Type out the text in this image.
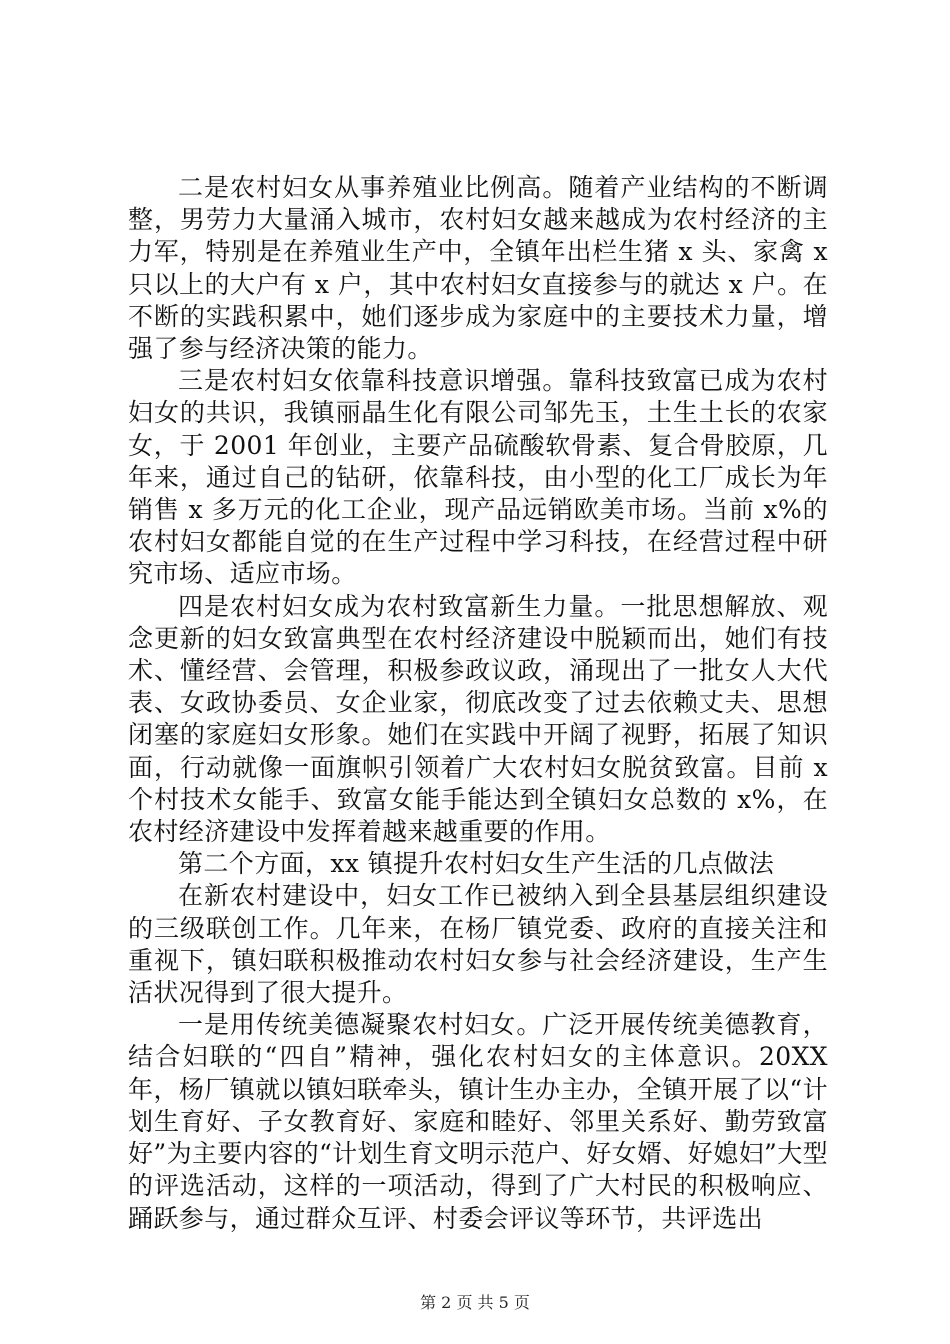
二是农村妇女从事养殖业比例高。随着产业结构的不断调整，男劳力大量涌入城市，农村妇女越来越成为农村经济的主力军，特别是在养殖业生产中，全镇年出栏生猪 x 头、家禽 x 只以上的大户有 x 户，其中农村妇女直接参与的就达 x 户。在不断的实践积累中，她们逐步成为家庭中的主要技术力量，增强了参与经济决策的能力。

三是农村妇女依靠科技意识增强。靠科技致富已成为农村妇女的共识，我镇丽晶生化有限公司邹先玉，土生土长的农家女，于 2001 年创业，主要产品硫酸软骨素、复合骨胶原，几年来，通过自己的钻研，依靠科技，由小型的化工厂成长为年销售 x 多万元的化工企业，现产品远销欧美市场。当前 x%的农村妇女都能自觉的在生产过程中学习科技，在经营过程中研究市场、适应市场。

四是农村妇女成为农村致富新生力量。一批思想解放、观念更新的妇女致富典型在农村经济建设中脱颖而出，她们有技术、懂经营、会管理，积极参政议政，涌现出了一批女人大代表、女政协委员、女企业家，彻底改变了过去依赖丈夫、思想闭塞的家庭妇女形象。她们在实践中开阔了视野，拓展了知识面，行动就像一面旗帜引领着广大农村妇女脱贫致富。目前 x 个村技术女能手、致富女能手能达到全镇妇女总数的 x%，在农村经济建设中发挥着越来越重要的作用。

第二个方面，xx 镇提升农村妇女生产生活的几点做法

在新农村建设中，妇女工作已被纳入到全县基层组织建设的三级联创工作。几年来，在杨厂镇党委、政府的直接关注和重视下，镇妇联积极推动农村妇女参与社会经济建设，生产生活状况得到了很大提升。

一是用传统美德凝聚农村妇女。广泛开展传统美德教育，结合妇联的“四自”精神，强化农村妇女的主体意识。20XX 年，杨厂镇就以镇妇联牵头，镇计生办主办，全镇开展了以“计划生育好、子女教育好、家庭和睦好、邻里关系好、勤劳致富好”为主要内容的“计划生育文明示范户、好女婿、好媳妇”大型的评选活动，这样的一项活动，得到了广大村民的积极响应、踊跃参与，通过群众互评、村委会评议等环节，共评选出

第 2 页 共 5 页
